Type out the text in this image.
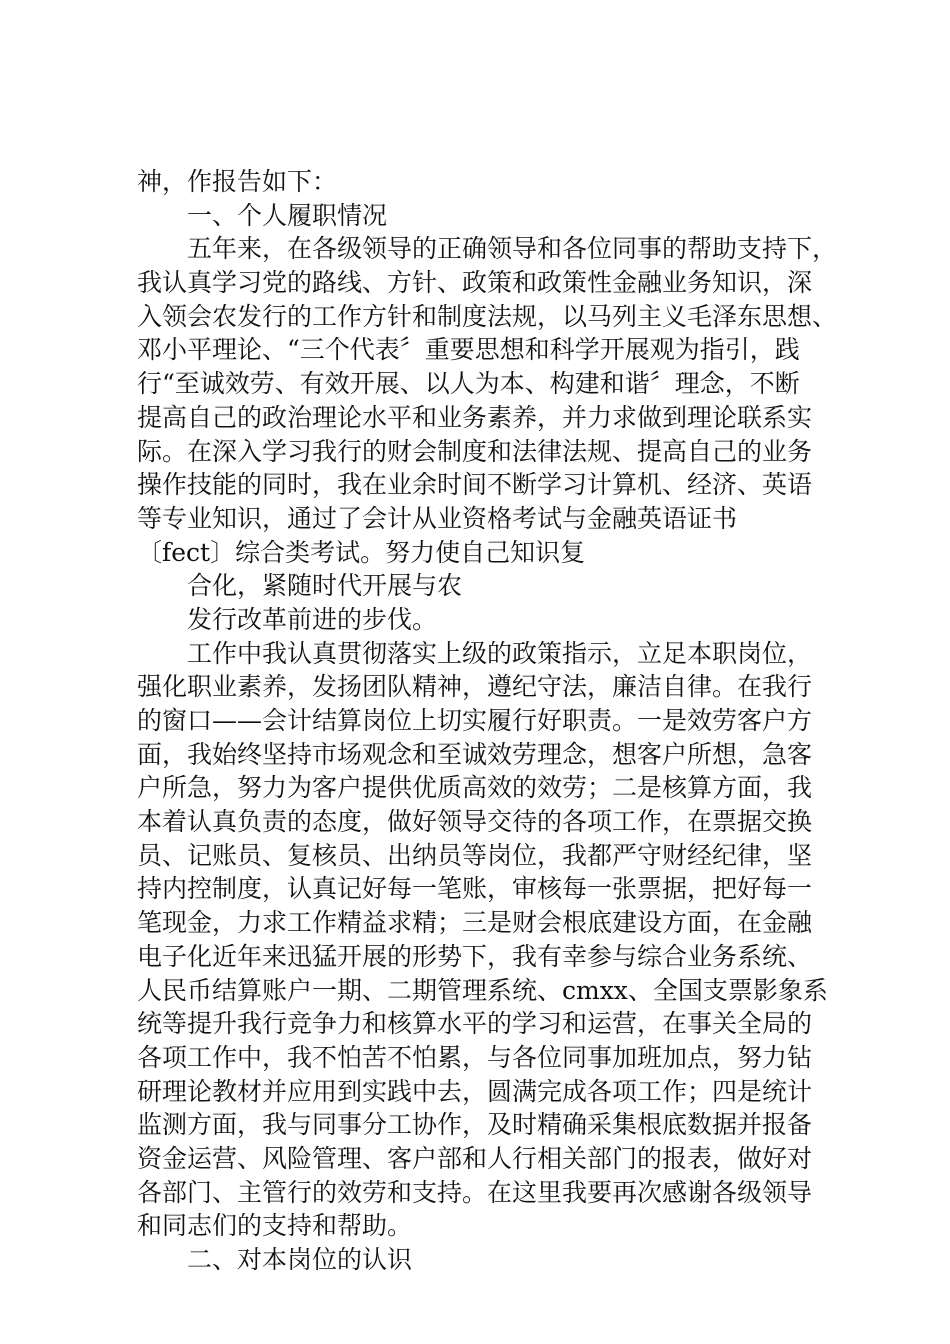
神，作报告如下：
一、个人履职情况
五年来，在各级领导的正确领导和各位同事的帮助支持下，
我认真学习党的路线、方针、政策和政策性金融业务知识，深
入领会农发行的工作方针和制度法规，以马列主义毛泽东思想、
邓小平理论、“三个代表〞重要思想和科学开展观为指引，践
行“至诚效劳、有效开展、以人为本、构建和谐〞理念，不断
提高自己的政治理论水平和业务素养，并力求做到理论联系实
际。在深入学习我行的财会制度和法律法规、提高自己的业务
操作技能的同时，我在业余时间不断学习计算机、经济、英语
等专业知识，通过了会计从业资格考试与金融英语证书
〔fect〕综合类考试。努力使自己知识复
合化，紧随时代开展与农
发行改革前进的步伐。
工作中我认真贯彻落实上级的政策指示，立足本职岗位，
强化职业素养，发扬团队精神，遵纪守法，廉洁自律。在我行
的窗口——会计结算岗位上切实履行好职责。一是效劳客户方
面，我始终坚持市场观念和至诚效劳理念，想客户所想，急客
户所急，努力为客户提供优质高效的效劳；二是核算方面，我
本着认真负责的态度，做好领导交待的各项工作，在票据交换
员、记账员、复核员、出纳员等岗位，我都严守财经纪律，坚
持内控制度，认真记好每一笔账，审核每一张票据，把好每一
笔现金，力求工作精益求精；三是财会根底建设方面，在金融
电子化近年来迅猛开展的形势下，我有幸参与综合业务系统、
人民币结算账户一期、二期管理系统、cmxx、全国支票影象系
统等提升我行竞争力和核算水平的学习和运营，在事关全局的
各项工作中，我不怕苦不怕累，与各位同事加班加点，努力钻
研理论教材并应用到实践中去，圆满完成各项工作；四是统计
监测方面，我与同事分工协作，及时精确采集根底数据并报备
资金运营、风险管理、客户部和人行相关部门的报表，做好对
各部门、主管行的效劳和支持。在这里我要再次感谢各级领导
和同志们的支持和帮助。
二、对本岗位的认识
